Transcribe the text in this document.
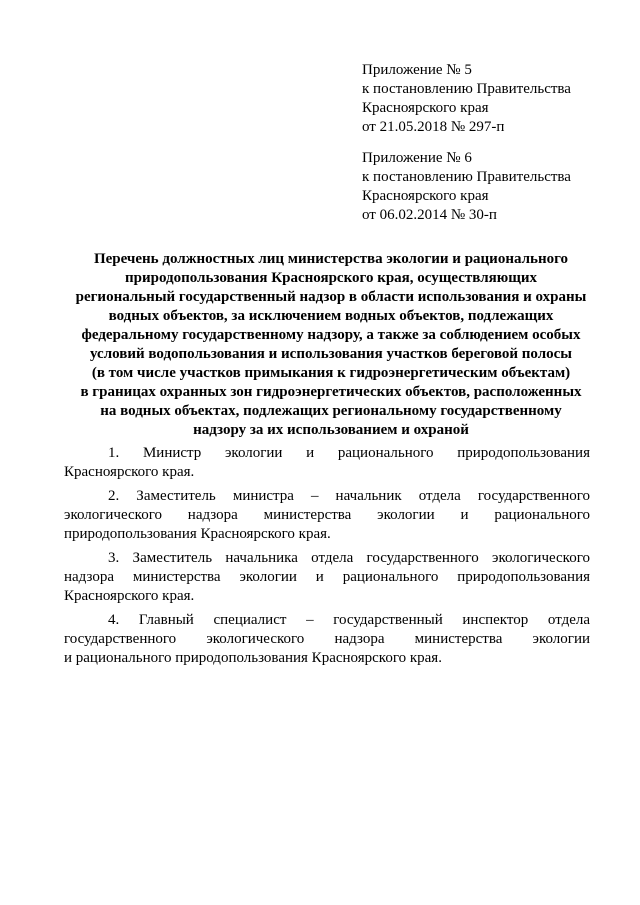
Приложение № 5
к постановлению Правительства
Красноярского края
от 21.05.2018 № 297-п
Приложение № 6
к постановлению Правительства
Красноярского края
от 06.02.2014 № 30-п
Перечень должностных лиц министерства экологии и рационального
природопользования Красноярского края, осуществляющих
региональный государственный надзор в области использования и охраны
водных объектов, за исключением водных объектов, подлежащих
федеральному государственному надзору, а также за соблюдением особых
условий водопользования и использования участков береговой полосы
(в том числе участков примыкания к гидроэнергетическим объектам)
в границах охранных зон гидроэнергетических объектов, расположенных
на водных объектах, подлежащих региональному государственному
надзору за их использованием и охраной
1. Министр экологии и рационального природопользования
Красноярского края.
2. Заместитель министра – начальник отдела государственного
экологического надзора министерства экологии и рационального
природопользования Красноярского края.
3. Заместитель начальника отдела государственного экологического
надзора министерства экологии и рационального природопользования
Красноярского края.
4. Главный специалист – государственный инспектор отдела
государственного экологического надзора министерства экологии
и рационального природопользования Красноярского края.
